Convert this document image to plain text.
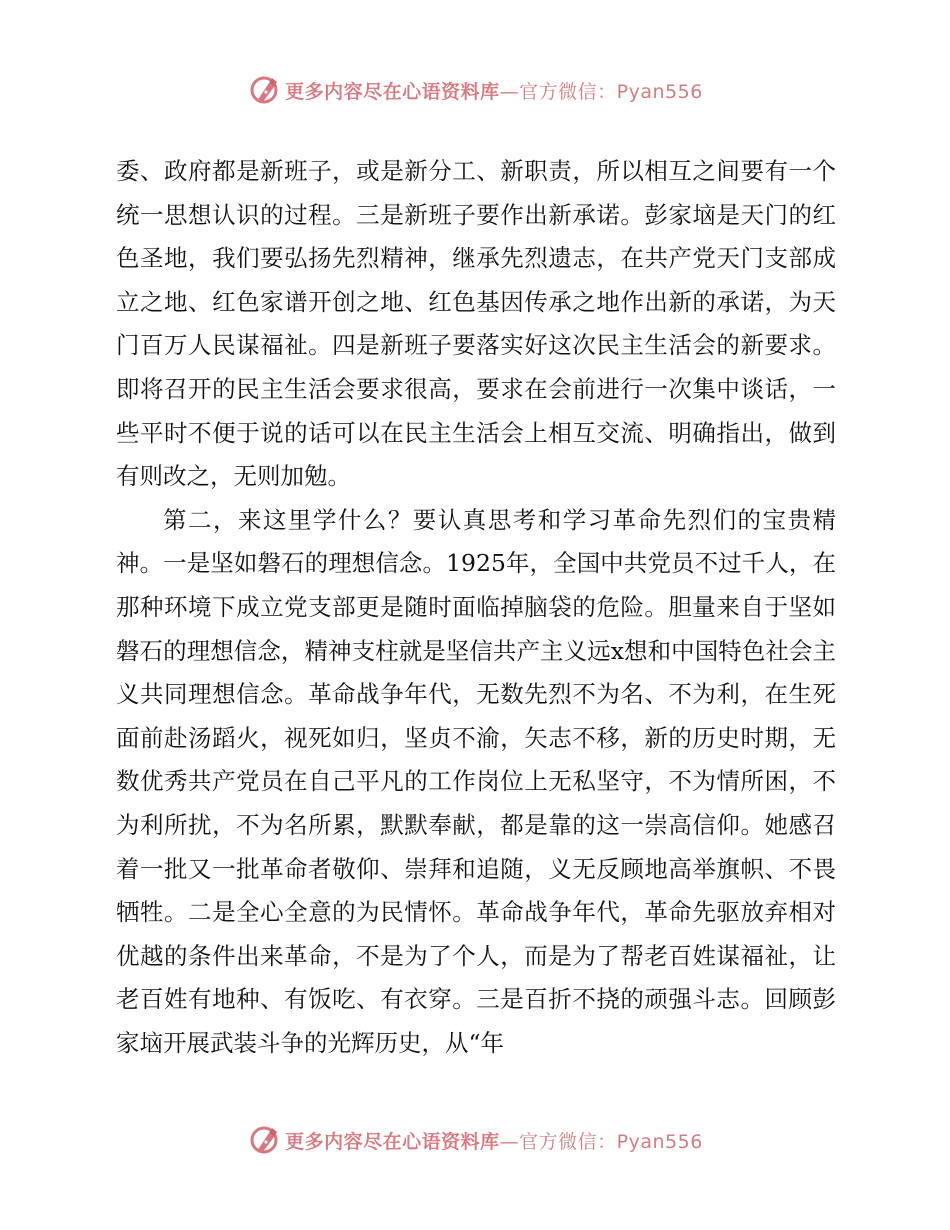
更多内容尽在心语资料库—官方微信：Pyan556

委、政府都是新班子，或是新分工、新职责，所以相互之间要有一个统一思想认识的过程。三是新班子要作出新承诺。彭家垴是天门的红色圣地，我们要弘扬先烈精神，继承先烈遗志，在共产党天门支部成立之地、红色家谱开创之地、红色基因传承之地作出新的承诺，为天门百万人民谋福祉。四是新班子要落实好这次民主生活会的新要求。即将召开的民主生活会要求很高，要求在会前进行一次集中谈话，一些平时不便于说的话可以在民主生活会上相互交流、明确指出，做到有则改之，无则加勉。

第二，来这里学什么？要认真思考和学习革命先烈们的宝贵精神。一是坚如磐石的理想信念。1925年，全国中共党员不过千人，在那种环境下成立党支部更是随时面临掉脑袋的危险。胆量来自于坚如磐石的理想信念，精神支柱就是坚信共产主义远x想和中国特色社会主义共同理想信念。革命战争年代，无数先烈不为名、不为利，在生死面前赴汤蹈火，视死如归，坚贞不渝，矢志不移，新的历史时期，无数优秀共产党员在自己平凡的工作岗位上无私坚守，不为情所困，不为利所扰，不为名所累，默默奉献，都是靠的这一崇高信仰。她感召着一批又一批革命者敬仰、崇拜和追随，义无反顾地高举旗帜、不畏牺牲。二是全心全意的为民情怀。革命战争年代，革命先驱放弃相对优越的条件出来革命，不是为了个人，而是为了帮老百姓谋福祉，让老百姓有地种、有饭吃、有衣穿。三是百折不挠的顽强斗志。回顾彭家垴开展武装斗争的光辉历史，从“年

更多内容尽在心语资料库—官方微信：Pyan556
